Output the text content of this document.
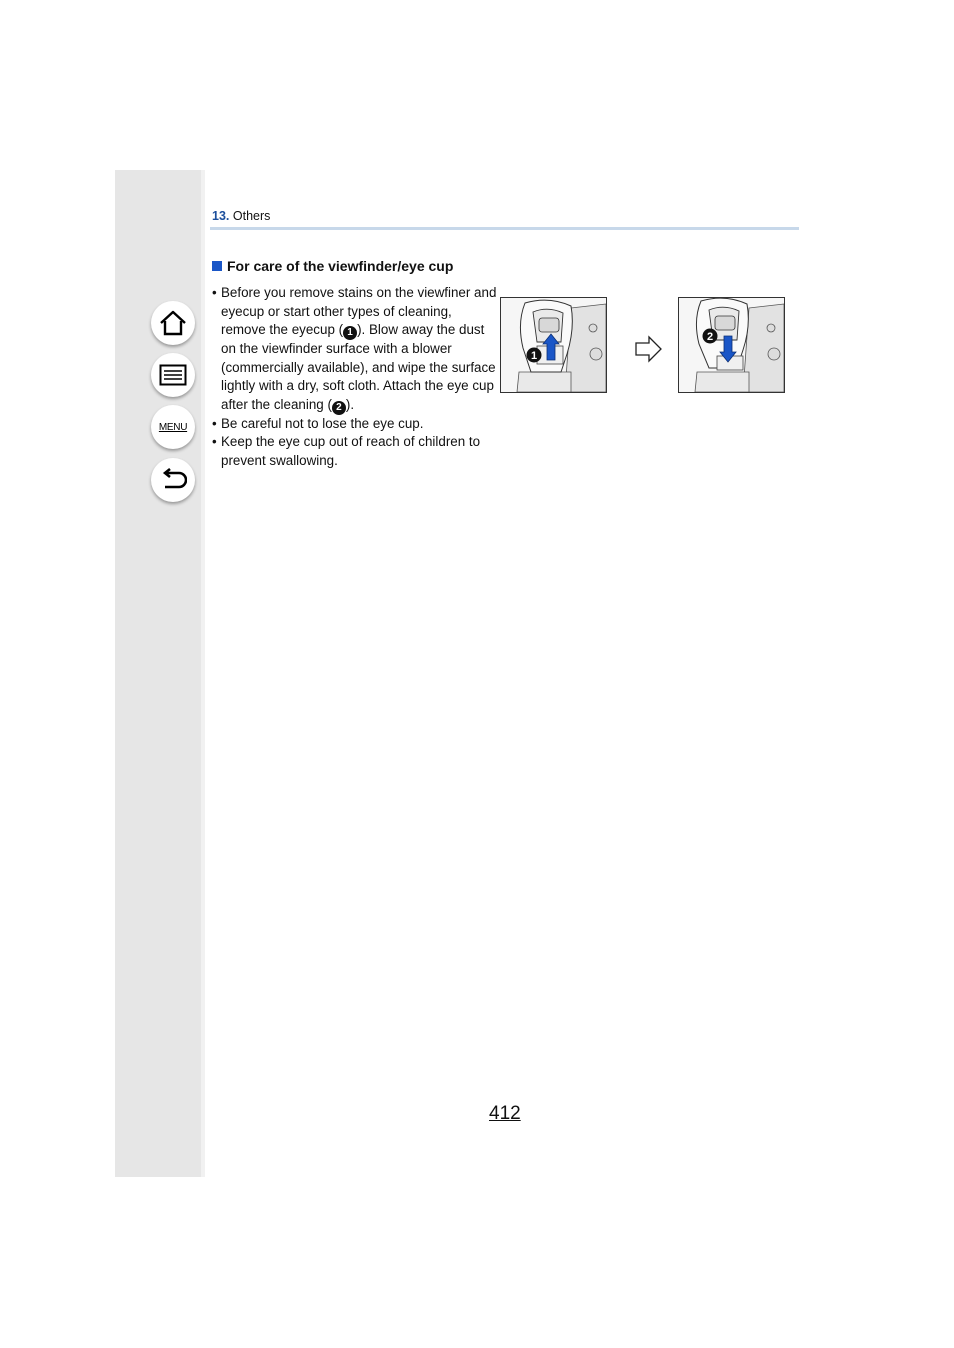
MENU
13. Others
For care of the viewfinder/eye cup
• Before you remove stains on the viewfiner and eyecup or start other types of cleaning, remove the eyecup ( 1 ). Blow away the dust on the viewfinder surface with a blower (commercially available), and wipe the surface lightly with a dry, soft cloth. Attach the eye cup after the cleaning ( 2 ).
• Be careful not to lose the eye cup.
• Keep the eye cup out of reach of children to prevent swallowing.
1
2
412
